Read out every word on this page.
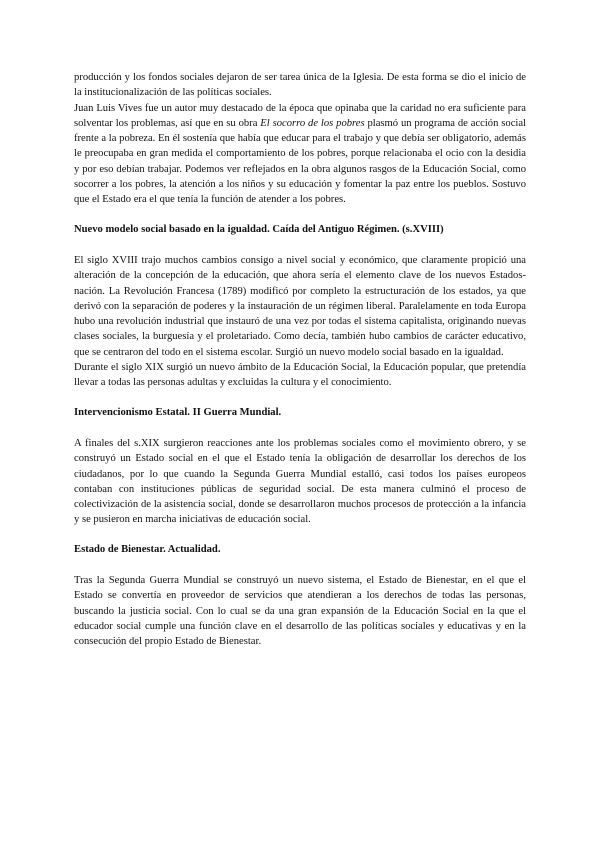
producción y los fondos sociales dejaron de ser tarea única de la Iglesia. De esta forma se dio el inicio de la institucionalización de las políticas sociales.

Juan Luis Vives fue un autor muy destacado de la época que opinaba que la caridad no era suficiente para solventar los problemas, así que en su obra El socorro de los pobres plasmó un programa de acción social frente a la pobreza. En él sostenía que había que educar para el trabajo y que debía ser obligatorio, además le preocupaba en gran medida el comportamiento de los pobres, porque relacionaba el ocio con la desidia y por eso debían trabajar. Podemos ver reflejados en la obra algunos rasgos de la Educación Social, como socorrer a los pobres, la atención a los niños y su educación y fomentar la paz entre los pueblos. Sostuvo que el Estado era el que tenía la función de atender a los pobres.

Nuevo modelo social basado en la igualdad. Caída del Antiguo Régimen. (s.XVIII)

El siglo XVIII trajo muchos cambios consigo a nivel social y económico, que claramente propició una alteración de la concepción de la educación, que ahora sería el elemento clave de los nuevos Estados-nación. La Revolución Francesa (1789) modificó por completo la estructuración de los estados, ya que derivó con la separación de poderes y la instauración de un régimen liberal. Paralelamente en toda Europa hubo una revolución industrial que instauró de una vez por todas el sistema capitalista, originando nuevas clases sociales, la burguesía y el proletariado. Como decía, también hubo cambios de carácter educativo, que se centraron del todo en el sistema escolar. Surgió un nuevo modelo social basado en la igualdad.

Durante el siglo XIX surgió un nuevo ámbito de la Educación Social, la Educación popular, que pretendía llevar a todas las personas adultas y excluidas la cultura y el conocimiento.

Intervencionismo Estatal. II Guerra Mundial.

A finales del s.XIX surgieron reacciones ante los problemas sociales como el movimiento obrero, y se construyó un Estado social en el que el Estado tenía la obligación de desarrollar los derechos de los ciudadanos, por lo que cuando la Segunda Guerra Mundial estalló, casi todos los países europeos contaban con instituciones públicas de seguridad social. De esta manera culminó el proceso de colectivización de la asistencia social, donde se desarrollaron muchos procesos de protección a la infancia y se pusieron en marcha iniciativas de educación social.

Estado de Bienestar. Actualidad.

Tras la Segunda Guerra Mundial se construyó un nuevo sistema, el Estado de Bienestar, en el que el Estado se convertía en proveedor de servicios que atendieran a los derechos de todas las personas, buscando la justicia social. Con lo cual se da una gran expansión de la Educación Social en la que el educador social cumple una función clave en el desarrollo de las políticas sociales y educativas y en la consecución del propio Estado de Bienestar.
